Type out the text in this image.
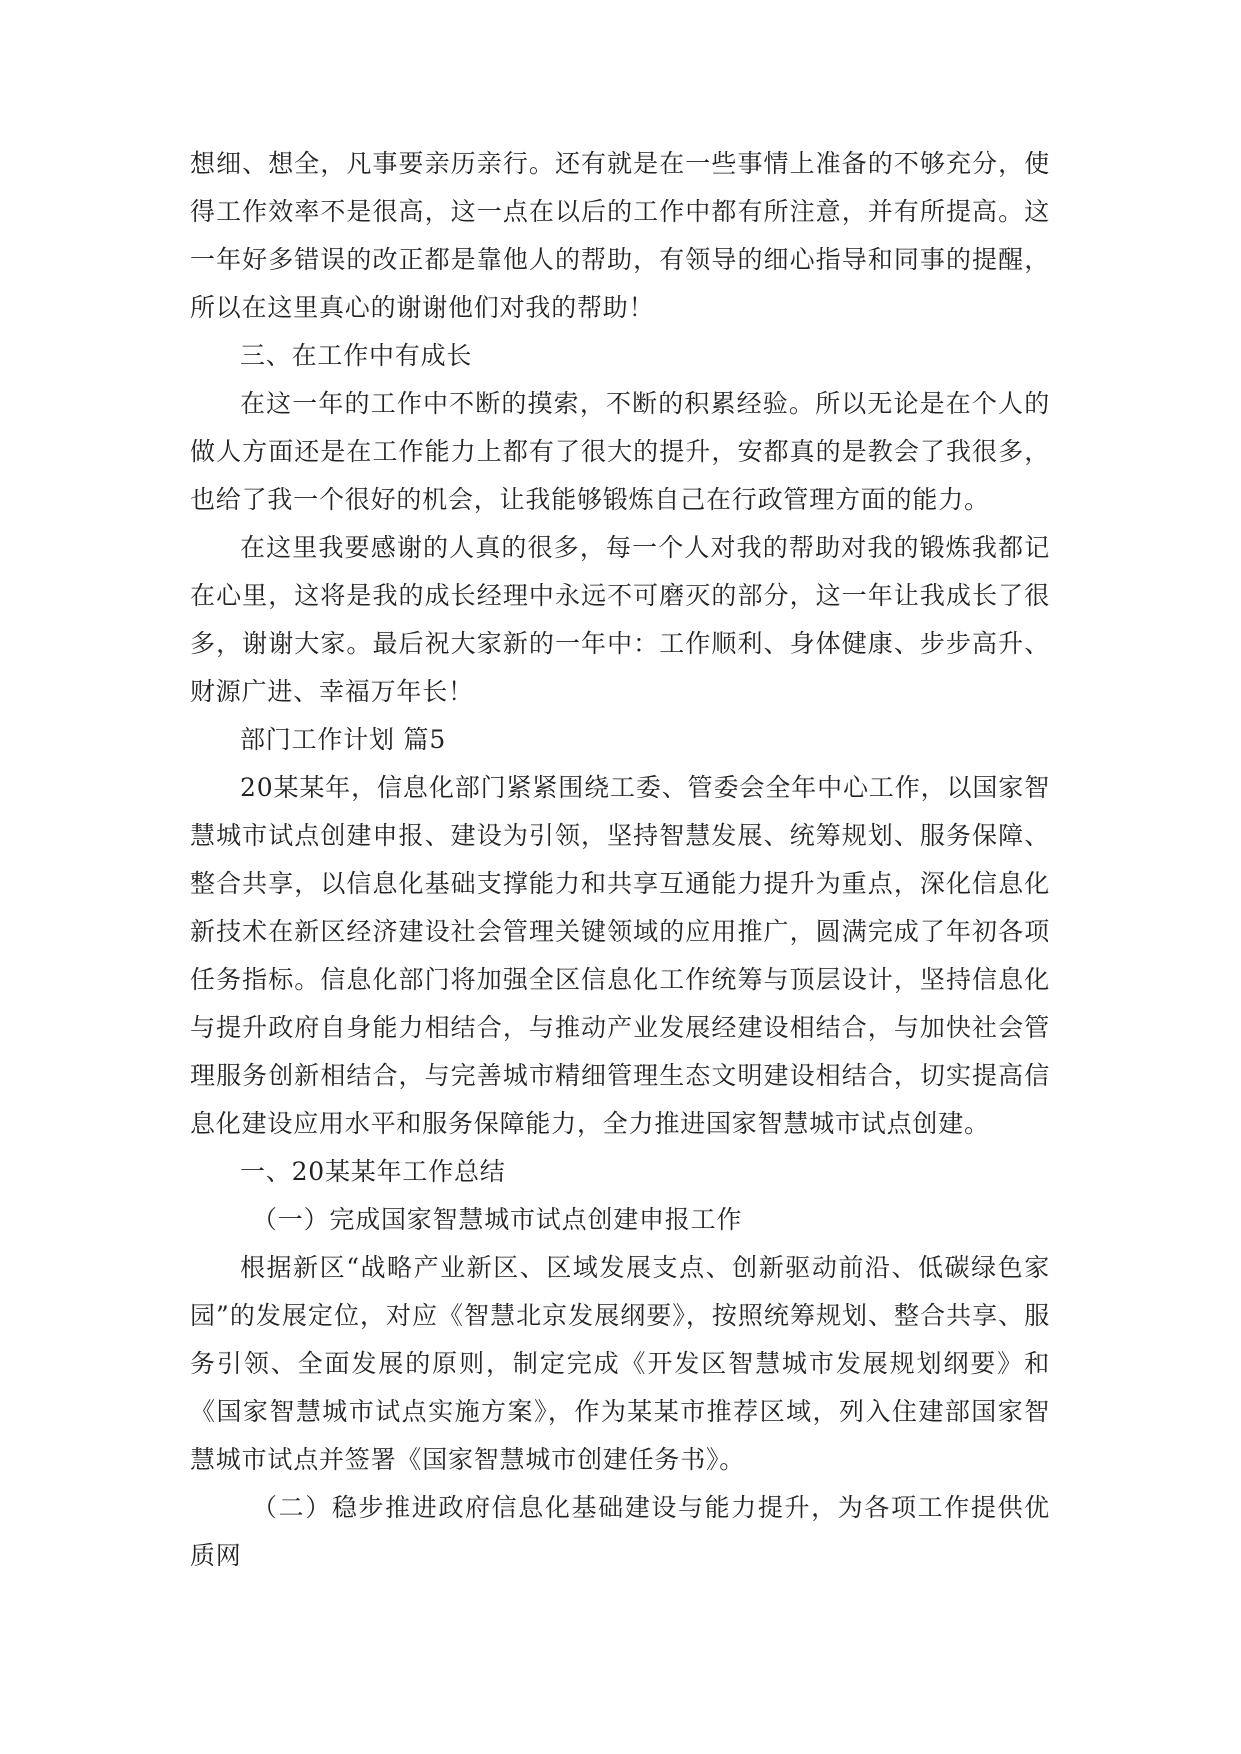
想细、想全，凡事要亲历亲行。还有就是在一些事情上准备的不够充分，使得工作效率不是很高，这一点在以后的工作中都有所注意，并有所提高。这一年好多错误的改正都是靠他人的帮助，有领导的细心指导和同事的提醒，所以在这里真心的谢谢他们对我的帮助！

三、在工作中有成长

在这一年的工作中不断的摸索，不断的积累经验。所以无论是在个人的做人方面还是在工作能力上都有了很大的提升，安都真的是教会了我很多，也给了我一个很好的机会，让我能够锻炼自己在行政管理方面的能力。

在这里我要感谢的人真的很多，每一个人对我的帮助对我的锻炼我都记在心里，这将是我的成长经理中永远不可磨灭的部分，这一年让我成长了很多，谢谢大家。最后祝大家新的一年中：工作顺利、身体健康、步步高升、财源广进、幸福万年长！

部门工作计划 篇5

20某某年，信息化部门紧紧围绕工委、管委会全年中心工作，以国家智慧城市试点创建申报、建设为引领，坚持智慧发展、统筹规划、服务保障、整合共享，以信息化基础支撑能力和共享互通能力提升为重点，深化信息化新技术在新区经济建设社会管理关键领域的应用推广，圆满完成了年初各项任务指标。信息化部门将加强全区信息化工作统筹与顶层设计，坚持信息化与提升政府自身能力相结合，与推动产业发展经建设相结合，与加快社会管理服务创新相结合，与完善城市精细管理生态文明建设相结合，切实提高信息化建设应用水平和服务保障能力，全力推进国家智慧城市试点创建。

一、20某某年工作总结

（一）完成国家智慧城市试点创建申报工作

根据新区“战略产业新区、区域发展支点、创新驱动前沿、低碳绿色家园”的发展定位，对应《智慧北京发展纲要》，按照统筹规划、整合共享、服务引领、全面发展的原则，制定完成《开发区智慧城市发展规划纲要》和《国家智慧城市试点实施方案》，作为某某市推荐区域，列入住建部国家智慧城市试点并签署《国家智慧城市创建任务书》。

（二）稳步推进政府信息化基础建设与能力提升，为各项工作提供优质网
